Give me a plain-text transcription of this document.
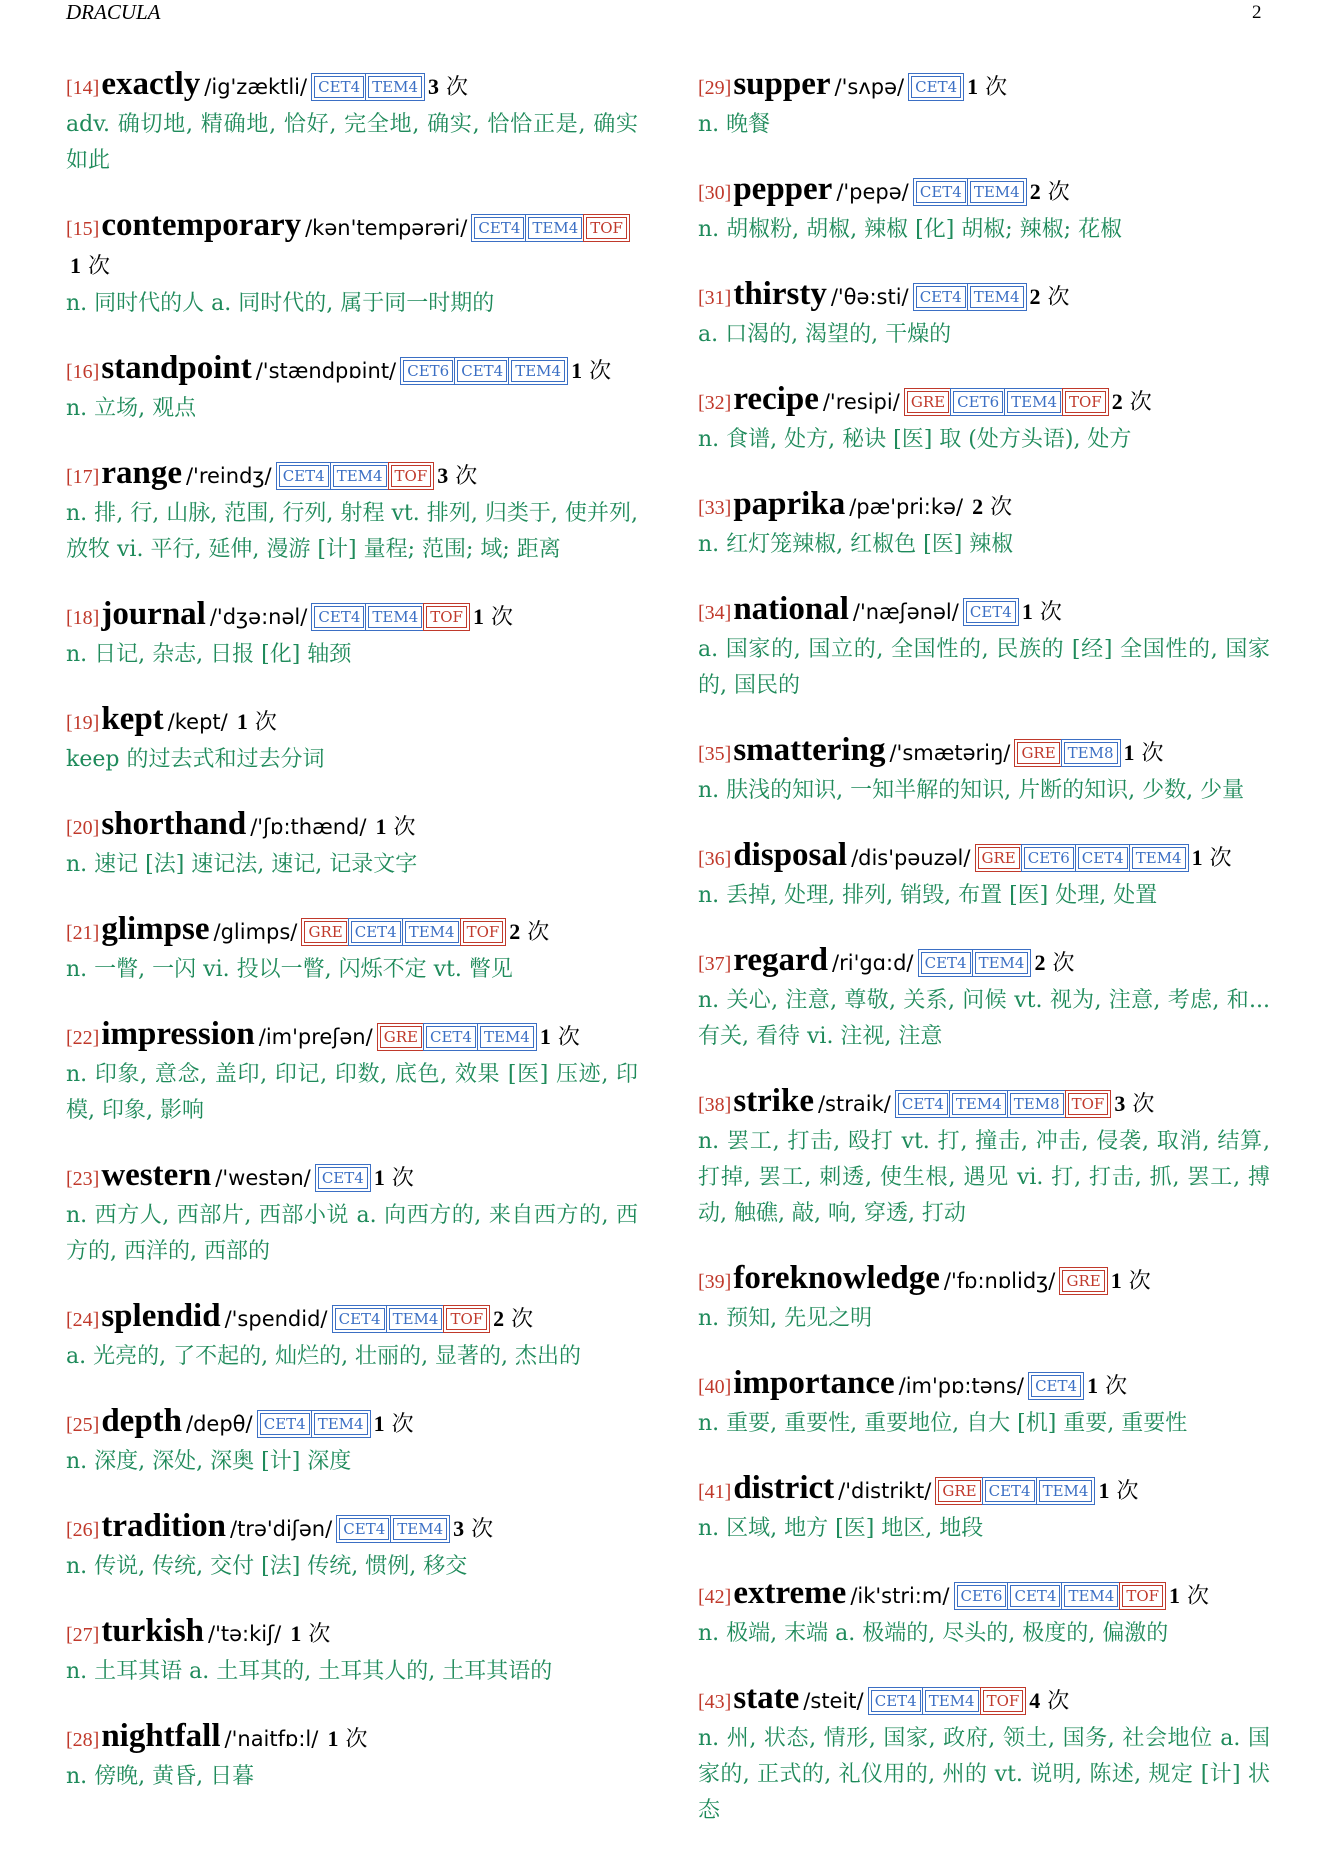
DRACULA	2
[14]exactly /ig'zæktli/ CET4 TEM4 3 次
adv. 确切地, 精确地, 恰好, 完全地, 确实, 恰恰正是, 确实如此
[15]contemporary /kən'tempərəri/ CET4 TEM4 TOF1 次
n. 同时代的人 a. 同时代的, 属于同一时期的
[16]standpoint /'stændpɒint/ CET6 CET4 TEM4 1 次
n. 立场, 观点
[17]range /'reindʒ/ CET4 TEM4 TOF 3 次
n. 排, 行, 山脉, 范围, 行列, 射程 vt. 排列, 归类于, 使并列, 放牧 vi. 平行, 延伸, 漫游 [计] 量程; 范围; 域; 距离
[18]journal /'dʒə:nəl/ CET4 TEM4 TOF 1 次
n. 日记, 杂志, 日报 [化] 轴颈
[19]kept /kept/ 1 次
keep 的过去式和过去分词
[20]shorthand /'ʃɒ:thænd/ 1 次
n. 速记 [法] 速记法, 速记, 记录文字
[21]glimpse /glimps/ GRE CET4 TEM4 TOF 2 次
n. 一瞥, 一闪 vi. 投以一瞥, 闪烁不定 vt. 瞥见
[22]impression /im'preʃən/ GRE CET4 TEM4 1 次
n. 印象, 意念, 盖印, 印记, 印数, 底色, 效果 [医] 压迹, 印模, 印象, 影响
[23]western /'westən/ CET4 1 次
n. 西方人, 西部片, 西部小说 a. 向西方的, 来自西方的, 西方的, 西洋的, 西部的
[24]splendid /'spendid/ CET4 TEM4 TOF 2 次
a. 光亮的, 了不起的, 灿烂的, 壮丽的, 显著的, 杰出的
[25]depth /depθ/ CET4 TEM4 1 次
n. 深度, 深处, 深奥 [计] 深度
[26]tradition /trə'diʃən/ CET4 TEM4 3 次
n. 传说, 传统, 交付 [法] 传统, 惯例, 移交
[27]turkish /'tə:kiʃ/ 1 次
n. 土耳其语 a. 土耳其的, 土耳其人的, 土耳其语的
[28]nightfall /'naitfɒ:l/ 1 次
n. 傍晚, 黄昏, 日暮
[29]supper /'sʌpə/ CET4 1 次
n. 晚餐
[30]pepper /'pepə/ CET4 TEM4 2 次
n. 胡椒粉, 胡椒, 辣椒 [化] 胡椒; 辣椒; 花椒
[31]thirsty /'θə:sti/ CET4 TEM4 2 次
a. 口渴的, 渴望的, 干燥的
[32]recipe /'resipi/ GRE CET6 TEM4 TOF 2 次
n. 食谱, 处方, 秘诀 [医] 取 (处方头语), 处方
[33]paprika /pæ'pri:kə/ 2 次
n. 红灯笼辣椒, 红椒色 [医] 辣椒
[34]national /'næʃənəl/ CET4 1 次
a. 国家的, 国立的, 全国性的, 民族的 [经] 全国性的, 国家的, 国民的
[35]smattering /'smætəriŋ/ GRE TEM8 1 次
n. 肤浅的知识, 一知半解的知识, 片断的知识, 少数, 少量
[36]disposal /dis'pəuzəl/ GRE CET6 CET4 TEM4 1 次
n. 丢掉, 处理, 排列, 销毁, 布置 [医] 处理, 处置
[37]regard /ri'gɑ:d/ CET4 TEM4 2 次
n. 关心, 注意, 尊敬, 关系, 问候 vt. 视为, 注意, 考虑, 和...有关, 看待 vi. 注视, 注意
[38]strike /straik/ CET4 TEM4 TEM8 TOF 3 次
n. 罢工, 打击, 殴打 vt. 打, 撞击, 冲击, 侵袭, 取消, 结算, 打掉, 罢工, 刺透, 使生根, 遇见 vi. 打, 打击, 抓, 罢工, 搏动, 触礁, 敲, 响, 穿透, 打动
[39]foreknowledge /'fɒ:nɒlidʒ/ GRE 1 次
n. 预知, 先见之明
[40]importance /im'pɒ:təns/ CET4 1 次
n. 重要, 重要性, 重要地位, 自大 [机] 重要, 重要性
[41]district /'distrikt/ GRE CET4 TEM4 1 次
n. 区域, 地方 [医] 地区, 地段
[42]extreme /ik'stri:m/ CET6 CET4 TEM4 TOF 1 次
n. 极端, 末端 a. 极端的, 尽头的, 极度的, 偏激的
[43]state /steit/ CET4 TEM4 TOF 4 次
n. 州, 状态, 情形, 国家, 政府, 领土, 国务, 社会地位 a. 国家的, 正式的, 礼仪用的, 州的 vt. 说明, 陈述, 规定 [计] 状态
